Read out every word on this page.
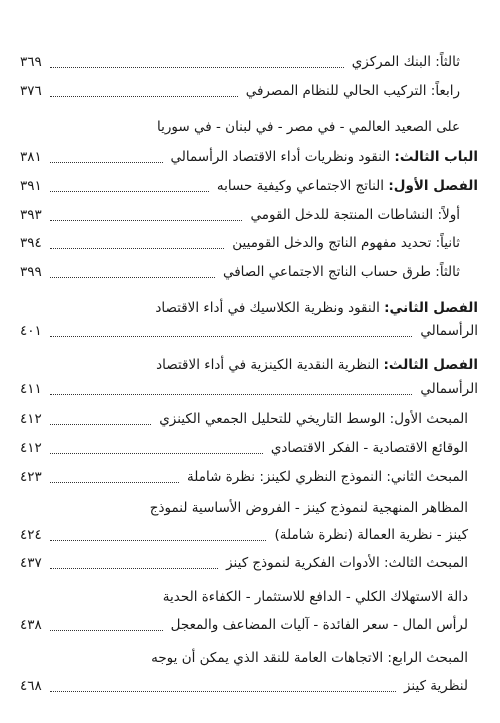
ثالثاً: البنك المركزي
٣٦٩
رابعاً: التركيب الحالي للنظام المصرفي
٣٧٦
على الصعيد العالمي - في مصر - في لبنان - في سوريا
الباب الثالث: النقود ونظريات أداء الاقتصاد الرأسمالي
٣٨١
الفصل الأول: الناتج الاجتماعي وكيفية حسابه
٣٩١
أولاً: النشاطات المنتجة للدخل القومي
٣٩٣
ثانياً: تحديد مفهوم الناتج والدخل القوميين
٣٩٤
ثالثاً: طرق حساب الناتج الاجتماعي الصافي
٣٩٩
الفصل الثاني: النقود ونظرية الكلاسيك في أداء الاقتصاد
الرأسمالي
٤٠١
الفصل الثالث: النظرية النقدية الكينزية في أداء الاقتصاد
الرأسمالي
٤١١
المبحث الأول: الوسط التاريخي للتحليل الجمعي الكينزي
٤١٢
الوقائع الاقتصادية - الفكر الاقتصادي
٤١٢
المبحث الثاني: النموذج النظري لكينز: نظرة شاملة
٤٢٣
المظاهر المنهجية لنموذج كينز - الفروض الأساسية لنموذج
كينز - نظرية العمالة (نظرة شاملة)
٤٢٤
المبحث الثالث: الأدوات الفكرية لنموذج كينز
٤٣٧
دالة الاستهلاك الكلي - الدافع للاستثمار - الكفاءة الحدية
لرأس المال - سعر الفائدة - آليات المضاعف والمعجل
٤٣٨
المبحث الرابع: الاتجاهات العامة للنقد الذي يمكن أن يوجه
لنظرية كينز
٤٦٨
